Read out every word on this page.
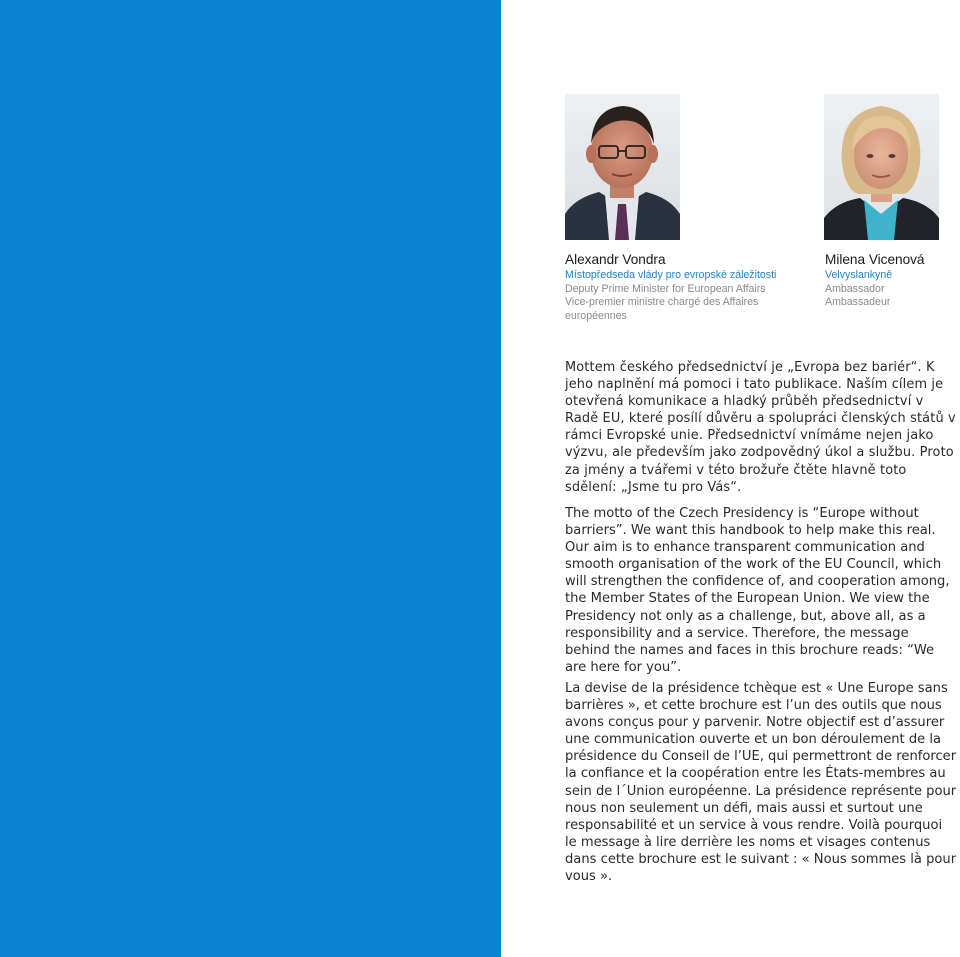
Alexandr Vondra
Místopředseda vlády pro evropské záležitosti
Deputy Prime Minister for European Affairs
Vice-premier ministre chargé des Affaires européennes
Milena Vicenová
Velvyslankyně
Ambassador
Ambassadeur

Mottem českého předsednictví je „Evropa bez bariér“. K jeho naplnění má pomoci i tato publikace. Naším cílem je otevřená komunikace a hladký průběh předsednictví v Radě EU, které posílí důvěru a spolupráci členských států v rámci Evropské unie. Předsednictví vnímáme nejen jako výzvu, ale především jako zodpovědný úkol a službu. Proto za jmény a tvářemi v této brožuře čtěte hlavně toto sdělení: „Jsme tu pro Vás“.

The motto of the Czech Presidency is “Europe without barriers”. We want this handbook to help make this real. Our aim is to enhance transparent communication and smooth organisation of the work of the EU Council, which will strengthen the confidence of, and cooperation among, the Member States of the European Union. We view the Presidency not only as a challenge, but, above all, as a responsibility and a service. Therefore, the message behind the names and faces in this brochure reads: “We are here for you”.

La devise de la présidence tchèque est « Une Europe sans barrières », et cette brochure est l’un des outils que nous avons conçus pour y parvenir. Notre objectif est d’assurer une communication ouverte et un bon déroulement de la présidence du Conseil de l’UE, qui permettront de renforcer la confiance et la coopération entre les États-membres au sein de l´Union européenne. La présidence représente pour nous non seulement un défi, mais aussi et surtout une responsabilité et un service à vous rendre. Voilà pourquoi le message à lire derrière les noms et visages contenus dans cette brochure est le suivant : « Nous sommes là pour vous ».
